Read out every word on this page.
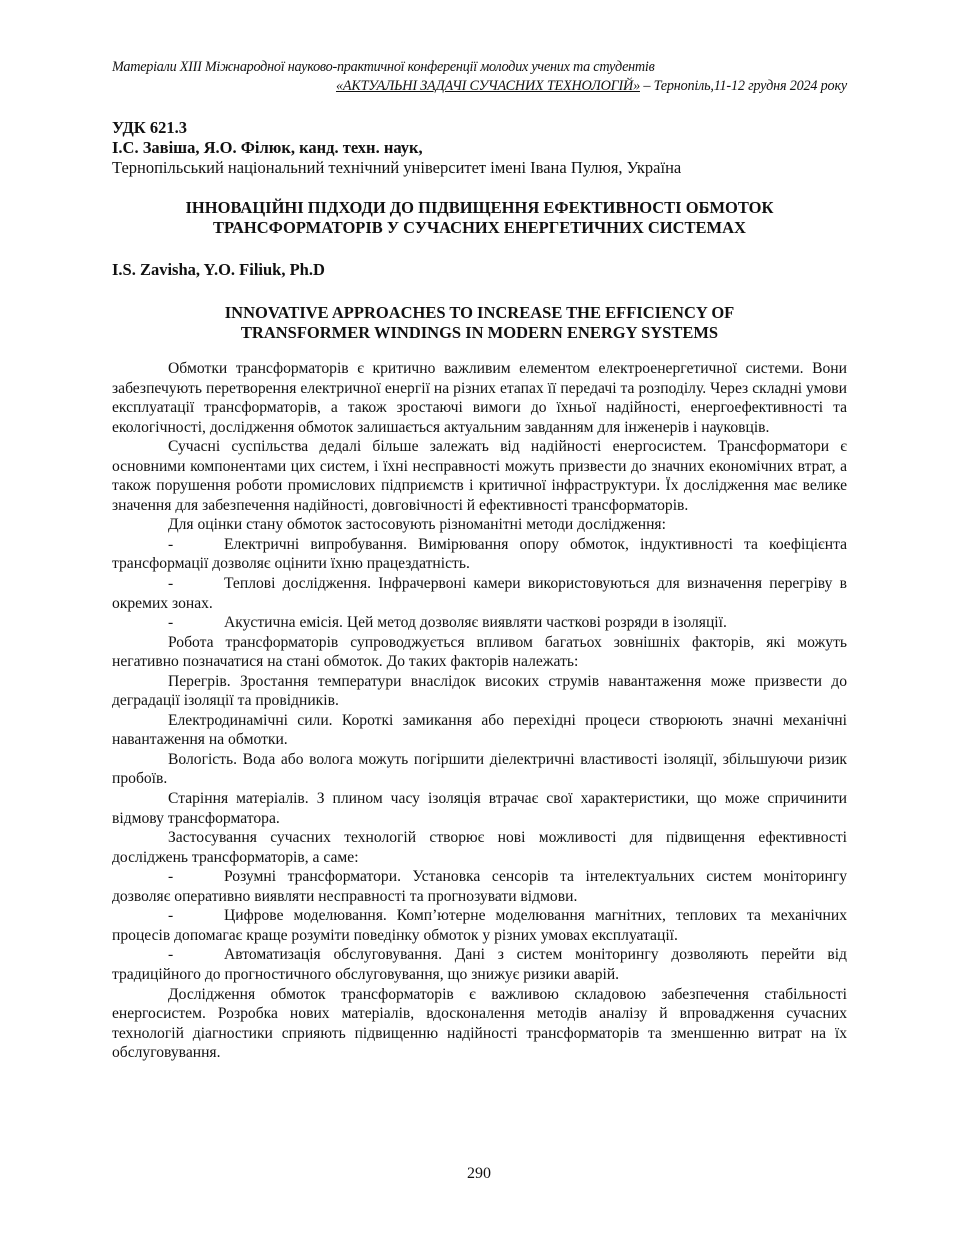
Матеріали XIII Міжнародної науково-практичної конференції молодих учених та студентів
«АКТУАЛЬНІ ЗАДАЧІ СУЧАСНИХ ТЕХНОЛОГІЙ» – Тернопіль,11-12 грудня 2024 року
УДК 621.3
І.С. Завіша, Я.О. Філюк, канд. техн. наук,
Тернопільський національний технічний університет імені Івана Пулюя, Україна
ІННОВАЦІЙНІ ПІДХОДИ ДО ПІДВИЩЕННЯ ЕФЕКТИВНОСТІ ОБМОТОК
ТРАНСФОРМАТОРІВ У СУЧАСНИХ ЕНЕРГЕТИЧНИХ СИСТЕМАХ
I.S. Zavisha, Y.O. Filiuk, Ph.D
INNOVATIVE APPROACHES TO INCREASE THE EFFICIENCY OF
TRANSFORMER WINDINGS IN MODERN ENERGY SYSTEMS

Обмотки трансформаторів є критично важливим елементом електроенергетичної системи. Вони забезпечують перетворення електричної енергії на різних етапах її передачі та розподілу. Через складні умови експлуатації трансформаторів, а також зростаючі вимоги до їхньої надійності, енергоефективності та екологічності, дослідження обмоток залишається актуальним завданням для інженерів і науковців.

Сучасні суспільства дедалі більше залежать від надійності енергосистем. Трансформатори є основними компонентами цих систем, і їхні несправності можуть призвести до значних економічних втрат, а також порушення роботи промислових підприємств і критичної інфраструктури. Їх дослідження має велике значення для забезпечення надійності, довговічності й ефективності трансформаторів.

Для оцінки стану обмоток застосовують різноманітні методи дослідження:

-	Електричні випробування. Вимірювання опору обмоток, індуктивності та коефіцієнта трансформації дозволяє оцінити їхню працездатність.

-	Теплові дослідження. Інфрачервоні камери використовуються для визначення перегріву в окремих зонах.

-	Акустична емісія. Цей метод дозволяє виявляти часткові розряди в ізоляції.

Робота трансформаторів супроводжується впливом багатьох зовнішніх факторів, які можуть негативно позначатися на стані обмоток. До таких факторів належать:

Перегрів. Зростання температури внаслідок високих струмів навантаження може призвести до деградації ізоляції та провідників.

Електродинамічні сили. Короткі замикання або перехідні процеси створюють значні механічні навантаження на обмотки.

Вологість. Вода або волога можуть погіршити діелектричні властивості ізоляції, збільшуючи ризик пробоїв.

Старіння матеріалів. З плином часу ізоляція втрачає свої характеристики, що може спричинити відмову трансформатора.

Застосування сучасних технологій створює нові можливості для підвищення ефективності досліджень трансформаторів, а саме:

-	Розумні трансформатори. Установка сенсорів та інтелектуальних систем моніторингу дозволяє оперативно виявляти несправності та прогнозувати відмови.

-	Цифрове моделювання. Комп’ютерне моделювання магнітних, теплових та механічних процесів допомагає краще розуміти поведінку обмоток у різних умовах експлуатації.

-	Автоматизація обслуговування. Дані з систем моніторингу дозволяють перейти від традиційного до прогностичного обслуговування, що знижує ризики аварій.

Дослідження обмоток трансформаторів є важливою складовою забезпечення стабільності енергосистем. Розробка нових матеріалів, вдосконалення методів аналізу й впровадження сучасних технологій діагностики сприяють підвищенню надійності трансформаторів та зменшенню витрат на їх обслуговування.

290
